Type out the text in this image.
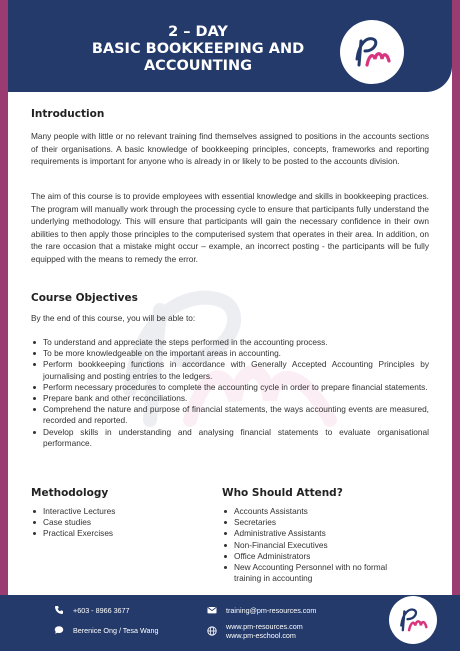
2 – DAY
BASIC BOOKKEEPING AND
ACCOUNTING
Introduction

Many people with little or no relevant training find themselves assigned to positions in the accounts sections of their organisations. A basic knowledge of bookkeeping principles, concepts, frameworks and reporting requirements is important for anyone who is already in or likely to be posted to the accounts division.

The aim of this course is to provide employees with essential knowledge and skills in bookkeeping practices. The program will manually work through the processing cycle to ensure that participants fully understand the underlying methodology. This will ensure that participants will gain the necessary confidence in their own abilities to then apply those principles to the computerised system that operates in their area. In addition, on the rare occasion that a mistake might occur – example, an incorrect posting - the participants will be fully equipped with the means to remedy the error.

Course Objectives

By the end of this course, you will be able to:

To understand and appreciate the steps performed in the accounting process.
To be more knowledgeable on the important areas in accounting.
Perform bookkeeping functions in accordance with Generally Accepted Accounting Principles by journalising and posting entries to the ledgers.
Perform necessary procedures to complete the accounting cycle in order to prepare financial statements.
Prepare bank and other reconciliations.
Comprehend the nature and purpose of financial statements, the ways accounting events are measured, recorded and reported.
Develop skills in understanding and analysing financial statements to evaluate organisational performance.
Methodology
Interactive Lectures
Case studies
Practical Exercises
Who Should Attend?
Accounts Assistants
Secretaries
Administrative Assistants
Non-Financial Executives
Office Administrators
New Accounting Personnel with no formal training in accounting
+603 - 8966 3677
Berenice Ong / Tesa Wang
training@pm-resources.com
www.pm-resources.com
www.pm-eschool.com
